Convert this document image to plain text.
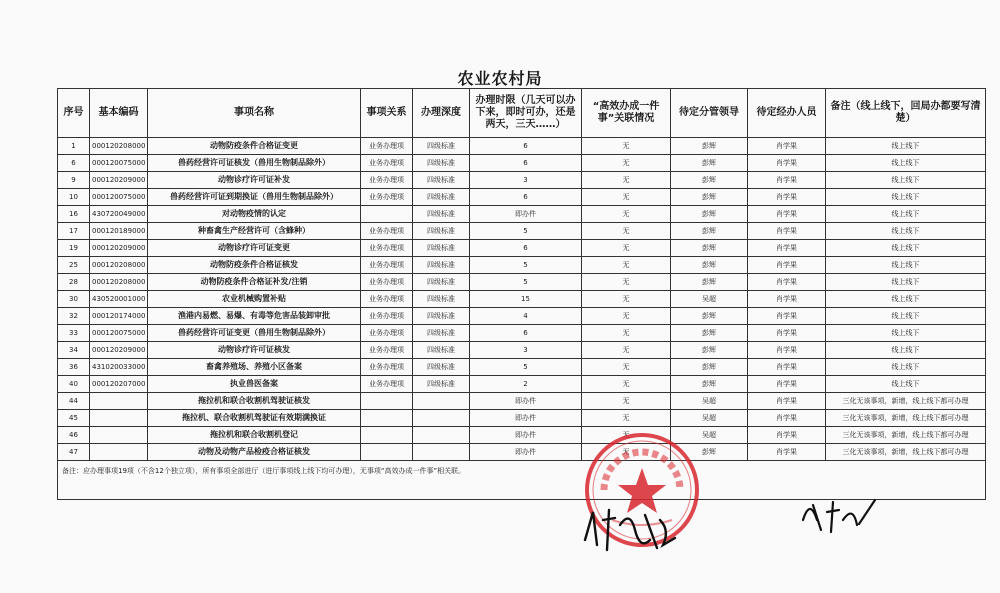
农业农村局
序号	基本编码	事项名称	事项关系	办理深度	办理时限（几天可以办下来，即时可办，还是两天，三天……）	“高效办成一件事”关联情况	待定分管领导	待定经办人员	备注（线上线下，回局办都要写清楚）
1	000120208000	动物防疫条件合格证变更	业务办理项	四级标准	6	无	彭辉	肖学果	线上线下
6	000120075000	兽药经营许可证核发（兽用生物制品除外）	业务办理项	四级标准	6	无	彭辉	肖学果	线上线下
9	000120209000	动物诊疗许可证补发	业务办理项	四级标准	3	无	彭辉	肖学果	线上线下
10	000120075000	兽药经营许可证到期换证（兽用生物制品除外）	业务办理项	四级标准	6	无	彭辉	肖学果	线上线下
16	430720049000	对动物疫情的认定		四级标准	即办件	无	彭辉	肖学果	线上线下
17	000120189000	种畜禽生产经营许可（含蜂种）	业务办理项	四级标准	5	无	彭辉	肖学果	线上线下
19	000120209000	动物诊疗许可证变更	业务办理项	四级标准	6	无	彭辉	肖学果	线上线下
25	000120208000	动物防疫条件合格证核发	业务办理项	四级标准	5	无	彭辉	肖学果	线上线下
28	000120208000	动物防疫条件合格证补发/注销	业务办理项	四级标准	5	无	彭辉	肖学果	线上线下
30	430520001000	农业机械购置补贴	业务办理项	四级标准	15	无	吴超	肖学果	线上线下
32	000120174000	渔港内易燃、易爆、有毒等危害品装卸审批	业务办理项	四级标准	4	无	彭辉	肖学果	线上线下
33	000120075000	兽药经营许可证变更（兽用生物制品除外）	业务办理项	四级标准	6	无	彭辉	肖学果	线上线下
34	000120209000	动物诊疗许可证核发	业务办理项	四级标准	3	无	彭辉	肖学果	线上线下
36	431020033000	畜禽养殖场、养殖小区备案	业务办理项	四级标准	5	无	彭辉	肖学果	线上线下
40	000120207000	执业兽医备案	业务办理项	四级标准	2	无	彭辉	肖学果	线上线下
44		拖拉机和联合收割机驾驶证核发			即办件	无	吴超	肖学果	三化无该事项，新增，线上线下都可办理
45		拖拉机、联合收割机驾驶证有效期满换证			即办件	无	吴超	肖学果	三化无该事项，新增，线上线下都可办理
46		拖拉机和联合收割机登记			即办件	无	吴超	肖学果	三化无该事项，新增，线上线下都可办理
47		动物及动物产品检疫合格证核发			即办件	无	彭辉	肖学果	三化无该事项，新增，线上线下都可办理

备注：应办理事项19项（不含12个独立项），所有事项全部进厅（进厅事项线上线下均可办理），无事项“高效办成一件事”相关联。									
